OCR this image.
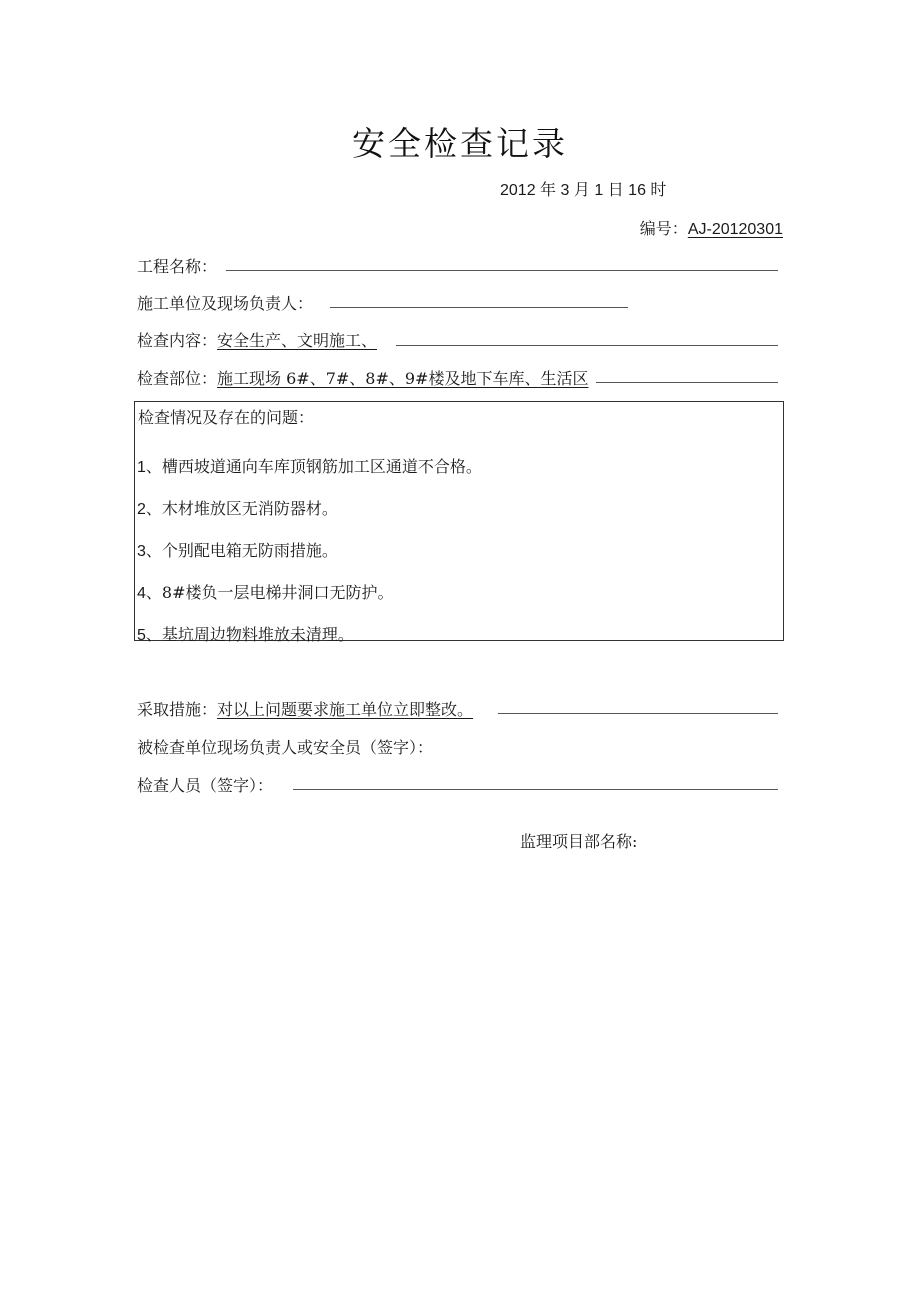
安全检查记录
2012 年 3 月 1 日 16 时
编号：AJ-20120301
工程名称：
施工单位及现场负责人：
检查内容：安全生产、文明施工、
检查部位：施工现场 6#、7#、8#、9#楼及地下车库、生活区
检查情况及存在的问题：
1、槽西坡道通向车库顶钢筋加工区通道不合格。
2、木材堆放区无消防器材。
3、个别配电箱无防雨措施。
4、8#楼负一层电梯井洞口无防护。
5、基坑周边物料堆放未清理。
采取措施：对以上问题要求施工单位立即整改。
被检查单位现场负责人或安全员（签字）：
检查人员（签字）：
监理项目部名称:
